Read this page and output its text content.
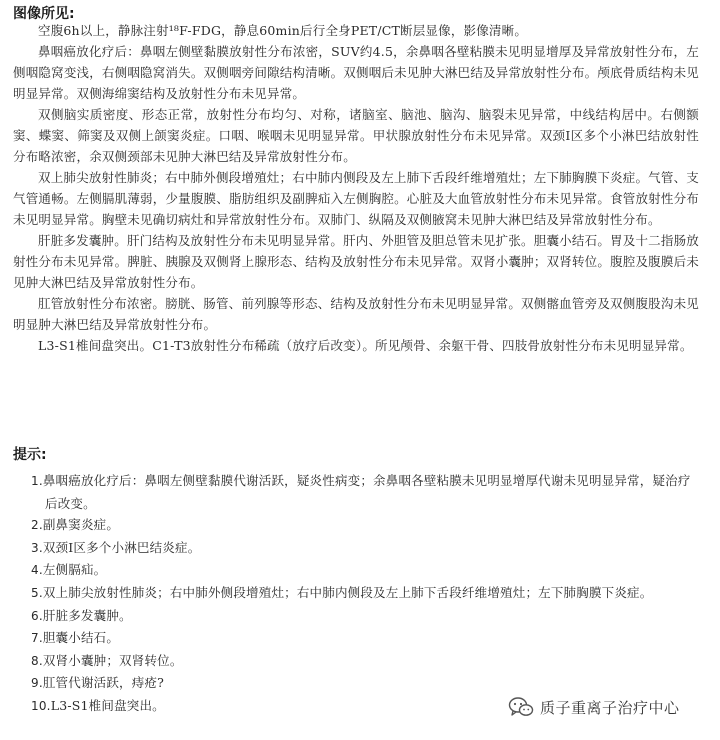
图像所见:

空腹6h以上，静脉注射¹⁸F-FDG，静息60min后行全身PET/CT断层显像，影像清晰。

鼻咽癌放化疗后：鼻咽左侧壁黏膜放射性分布浓密，SUV约4.5，余鼻咽各壁粘膜未见明显增厚及异常放射性分布，左侧咽隐窝变浅，右侧咽隐窝消失。双侧咽旁间隙结构清晰。双侧咽后未见肿大淋巴结及异常放射性分布。颅底骨质结构未见明显异常。双侧海绵窦结构及放射性分布未见异常。

双侧脑实质密度、形态正常，放射性分布均匀、对称，诸脑室、脑池、脑沟、脑裂未见异常，中线结构居中。右侧额窦、蝶窦、筛窦及双侧上颌窦炎症。口咽、喉咽未见明显异常。甲状腺放射性分布未见异常。双颈I区多个小淋巴结放射性分布略浓密，余双侧颈部未见肿大淋巴结及异常放射性分布。

双上肺尖放射性肺炎；右中肺外侧段增殖灶；右中肺内侧段及左上肺下舌段纤维增殖灶；左下肺胸膜下炎症。气管、支气管通畅。左侧膈肌薄弱，少量腹膜、脂肪组织及副脾疝入左侧胸腔。心脏及大血管放射性分布未见异常。食管放射性分布未见明显异常。胸壁未见确切病灶和异常放射性分布。双肺门、纵隔及双侧腋窝未见肿大淋巴结及异常放射性分布。

肝脏多发囊肿。肝门结构及放射性分布未见明显异常。肝内、外胆管及胆总管未见扩张。胆囊小结石。胃及十二指肠放射性分布未见异常。脾脏、胰腺及双侧肾上腺形态、结构及放射性分布未见异常。双肾小囊肿；双肾转位。腹腔及腹膜后未见肿大淋巴结及异常放射性分布。

肛管放射性分布浓密。膀胱、肠管、前列腺等形态、结构及放射性分布未见明显异常。双侧髂血管旁及双侧腹股沟未见明显肿大淋巴结及异常放射性分布。

L3-S1椎间盘突出。C1-T3放射性分布稀疏（放疗后改变）。所见颅骨、余躯干骨、四肢骨放射性分布未见明显异常。

提示:
1.鼻咽癌放化疗后：鼻咽左侧壁黏膜代谢活跃，疑炎性病变；余鼻咽各壁粘膜未见明显增厚代谢未见明显异常，疑治疗后改变。
2.副鼻窦炎症。
3.双颈I区多个小淋巴结炎症。
4.左侧膈疝。
5.双上肺尖放射性肺炎；右中肺外侧段增殖灶；右中肺内侧段及左上肺下舌段纤维增殖灶；左下肺胸膜下炎症。
6.肝脏多发囊肿。
7.胆囊小结石。
8.双肾小囊肿；双肾转位。
9.肛管代谢活跃，痔疮?
10.L3-S1椎间盘突出。	质子重离子治疗中心
